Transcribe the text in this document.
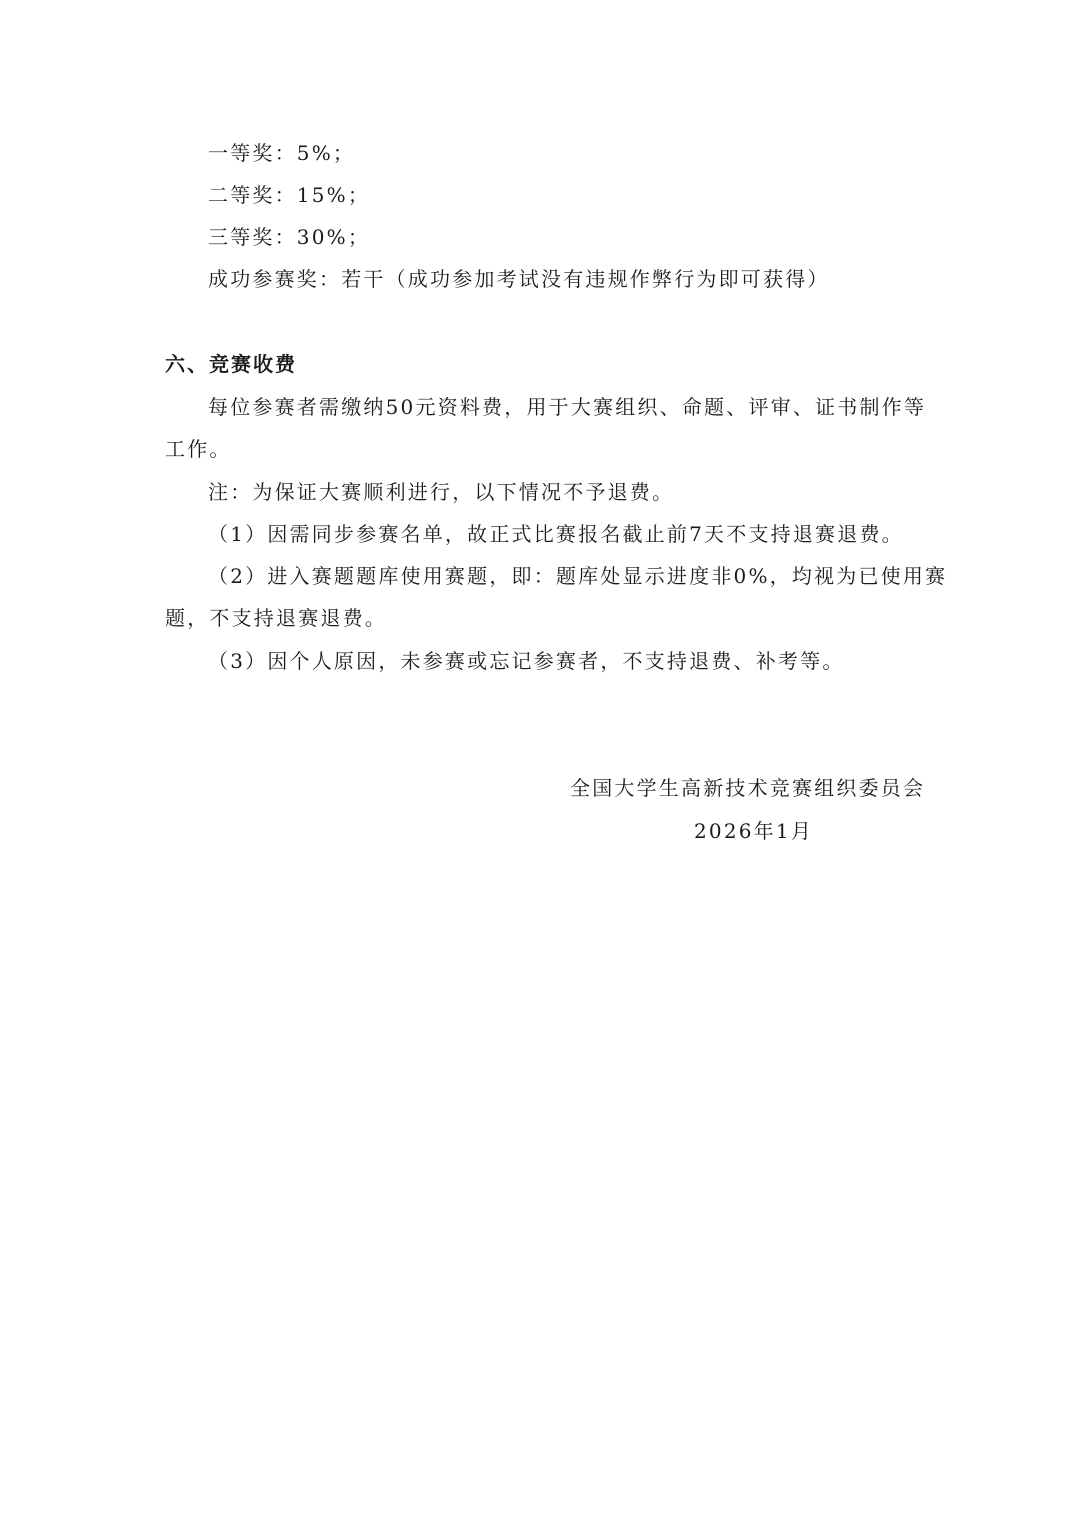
一等奖：5%；
二等奖：15%；
三等奖：30%；
成功参赛奖：若干（成功参加考试没有违规作弊行为即可获得）
六、竞赛收费
每位参赛者需缴纳50元资料费，用于大赛组织、命题、评审、证书制作等
工作。
注：为保证大赛顺利进行，以下情况不予退费。
（1）因需同步参赛名单，故正式比赛报名截止前7天不支持退赛退费。
（2）进入赛题题库使用赛题，即：题库处显示进度非0%，均视为已使用赛
题，不支持退赛退费。
（3）因个人原因，未参赛或忘记参赛者，不支持退费、补考等。
全国大学生高新技术竞赛组织委员会
2026年1月
